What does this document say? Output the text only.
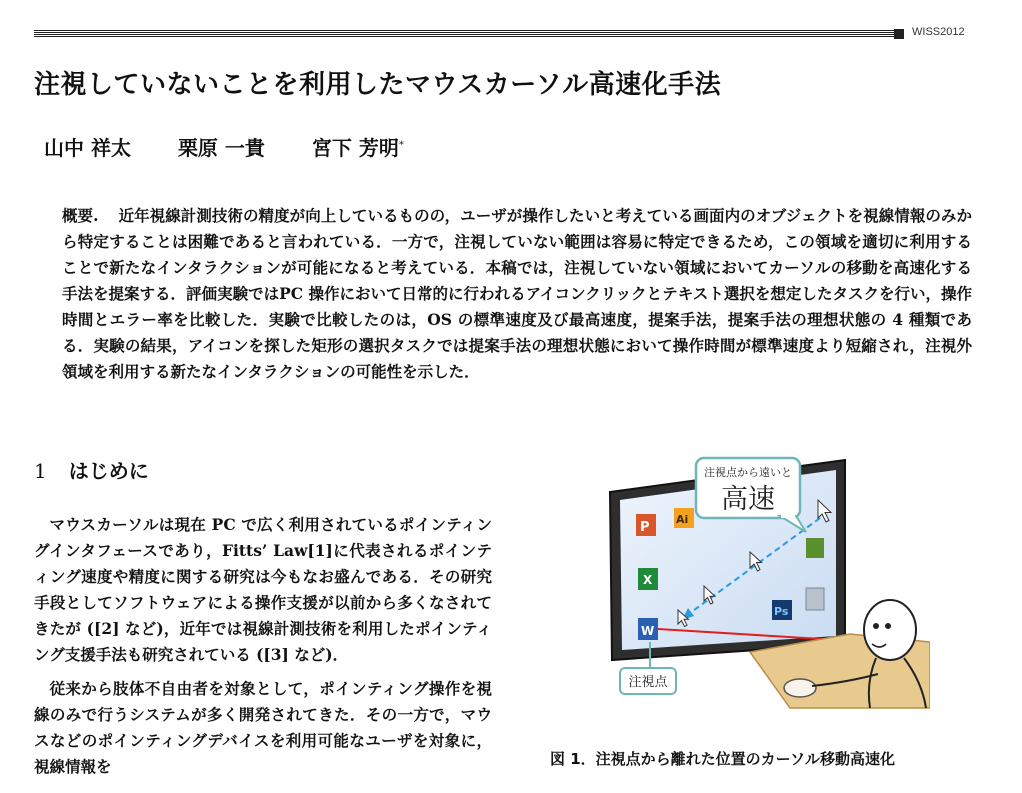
WISS2012
注視していないことを利用したマウスカーソル高速化手法
山中 祥太 栗原 一貴 宮下 芳明*
概要. 近年視線計測技術の精度が向上しているものの，ユーザが操作したいと考えている画面内のオブジェクトを視線情報のみから特定することは困難であると言われている．一方で，注視していない範囲は容易に特定できるため，この領域を適切に利用することで新たなインタラクションが可能になると考えている．本稿では，注視していない領域においてカーソルの移動を高速化する手法を提案する．評価実験ではPC 操作において日常的に行われるアイコンクリックとテキスト選択を想定したタスクを行い，操作時間とエラー率を比較した．実験で比較したのは，OS の標準速度及び最高速度，提案手法，提案手法の理想状態の 4 種類である．実験の結果，アイコンを探した矩形の選択タスクでは提案手法の理想状態において操作時間が標準速度より短縮され，注視外領域を利用する新たなインタラクションの可能性を示した．
1 はじめに

マウスカーソルは現在 PC で広く利用されているポインティングインタフェースであり，Fitts’ Law[1]に代表されるポインティング速度や精度に関する研究は今もなお盛んである．その研究手段としてソフトウェアによる操作支援が以前から多くなされてきたが ([2] など)，近年では視線計測技術を利用したポインティング支援手法も研究されている ([3] など)．

従来から肢体不自由者を対象として，ポインティング操作を視線のみで行うシステムが多く開発されてきた．その一方で，マウスなどのポインティングデバイスを利用可能なユーザを対象に，視線情報を

P
Ai
X
W
Ps
注視点から遠いと
高速
注視点
図 1．注視点から離れた位置のカーソル移動高速化
